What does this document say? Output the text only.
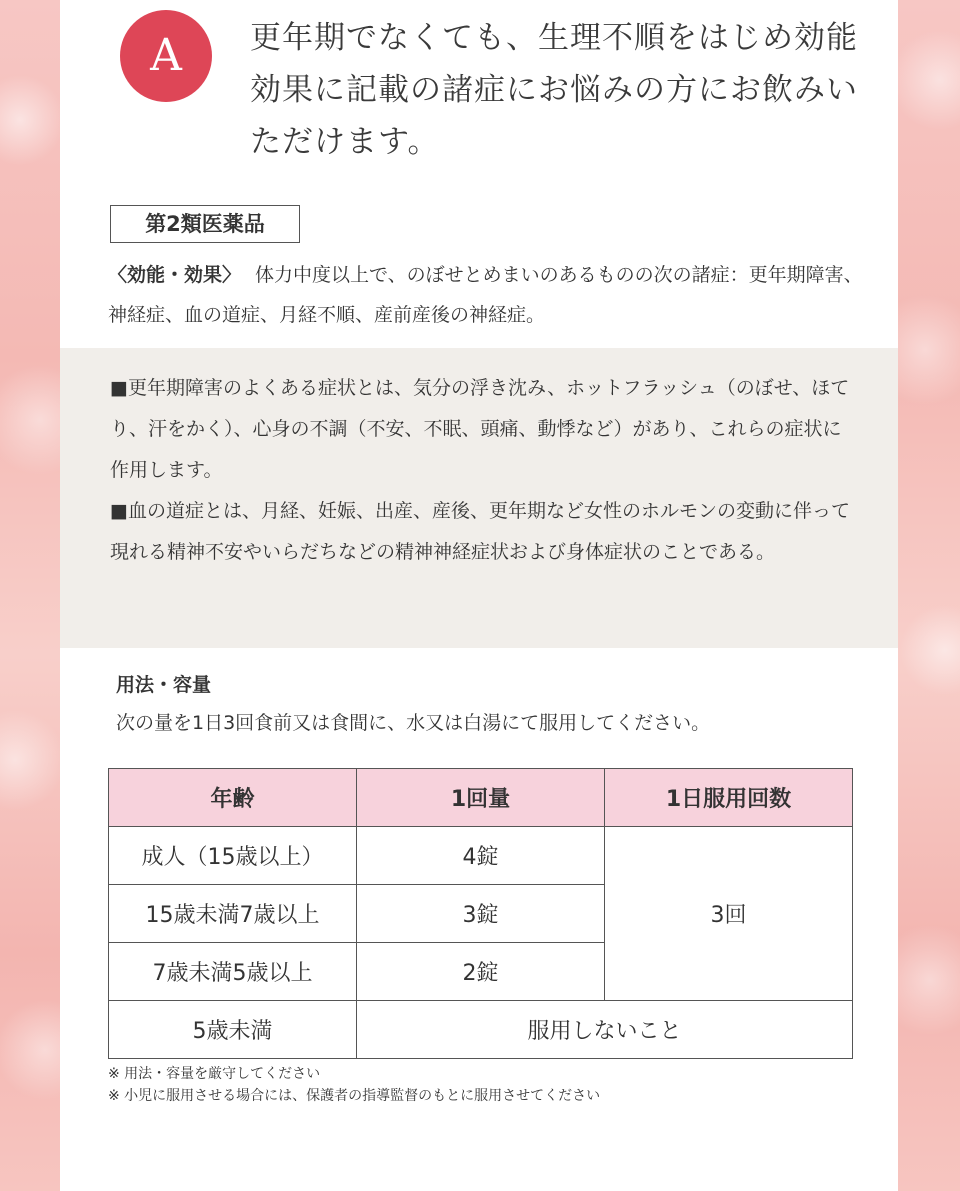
A	更年期でなくても、生理不順をはじめ効能効果に記載の諸症にお悩みの方にお飲みいただけます。

第2類医薬品

〈効能・効果〉 体力中度以上で、のぼせとめまいのあるものの次の諸症：更年期障害、神経症、血の道症、月経不順、産前産後の神経症。

■更年期障害のよくある症状とは、気分の浮き沈み、ホットフラッシュ（のぼせ、ほてり、汗をかく）、心身の不調（不安、不眠、頭痛、動悸など）があり、これらの症状に作用します。

■血の道症とは、月経、妊娠、出産、産後、更年期など女性のホルモンの変動に伴って現れる精神不安やいらだちなどの精神神経症状および身体症状のことである。

用法・容量

次の量を1日3回食前又は食間に、水又は白湯にて服用してください。

年齢	1回量	1日服用回数
成人（15歳以上）	4錠	3回
15歳未満7歳以上	3錠	
7歳未満5歳以上	2錠	
5歳未満	服用しないこと	
※ 用法・容量を厳守してください
※ 小児に服用させる場合には、保護者の指導監督のもとに服用させてください
